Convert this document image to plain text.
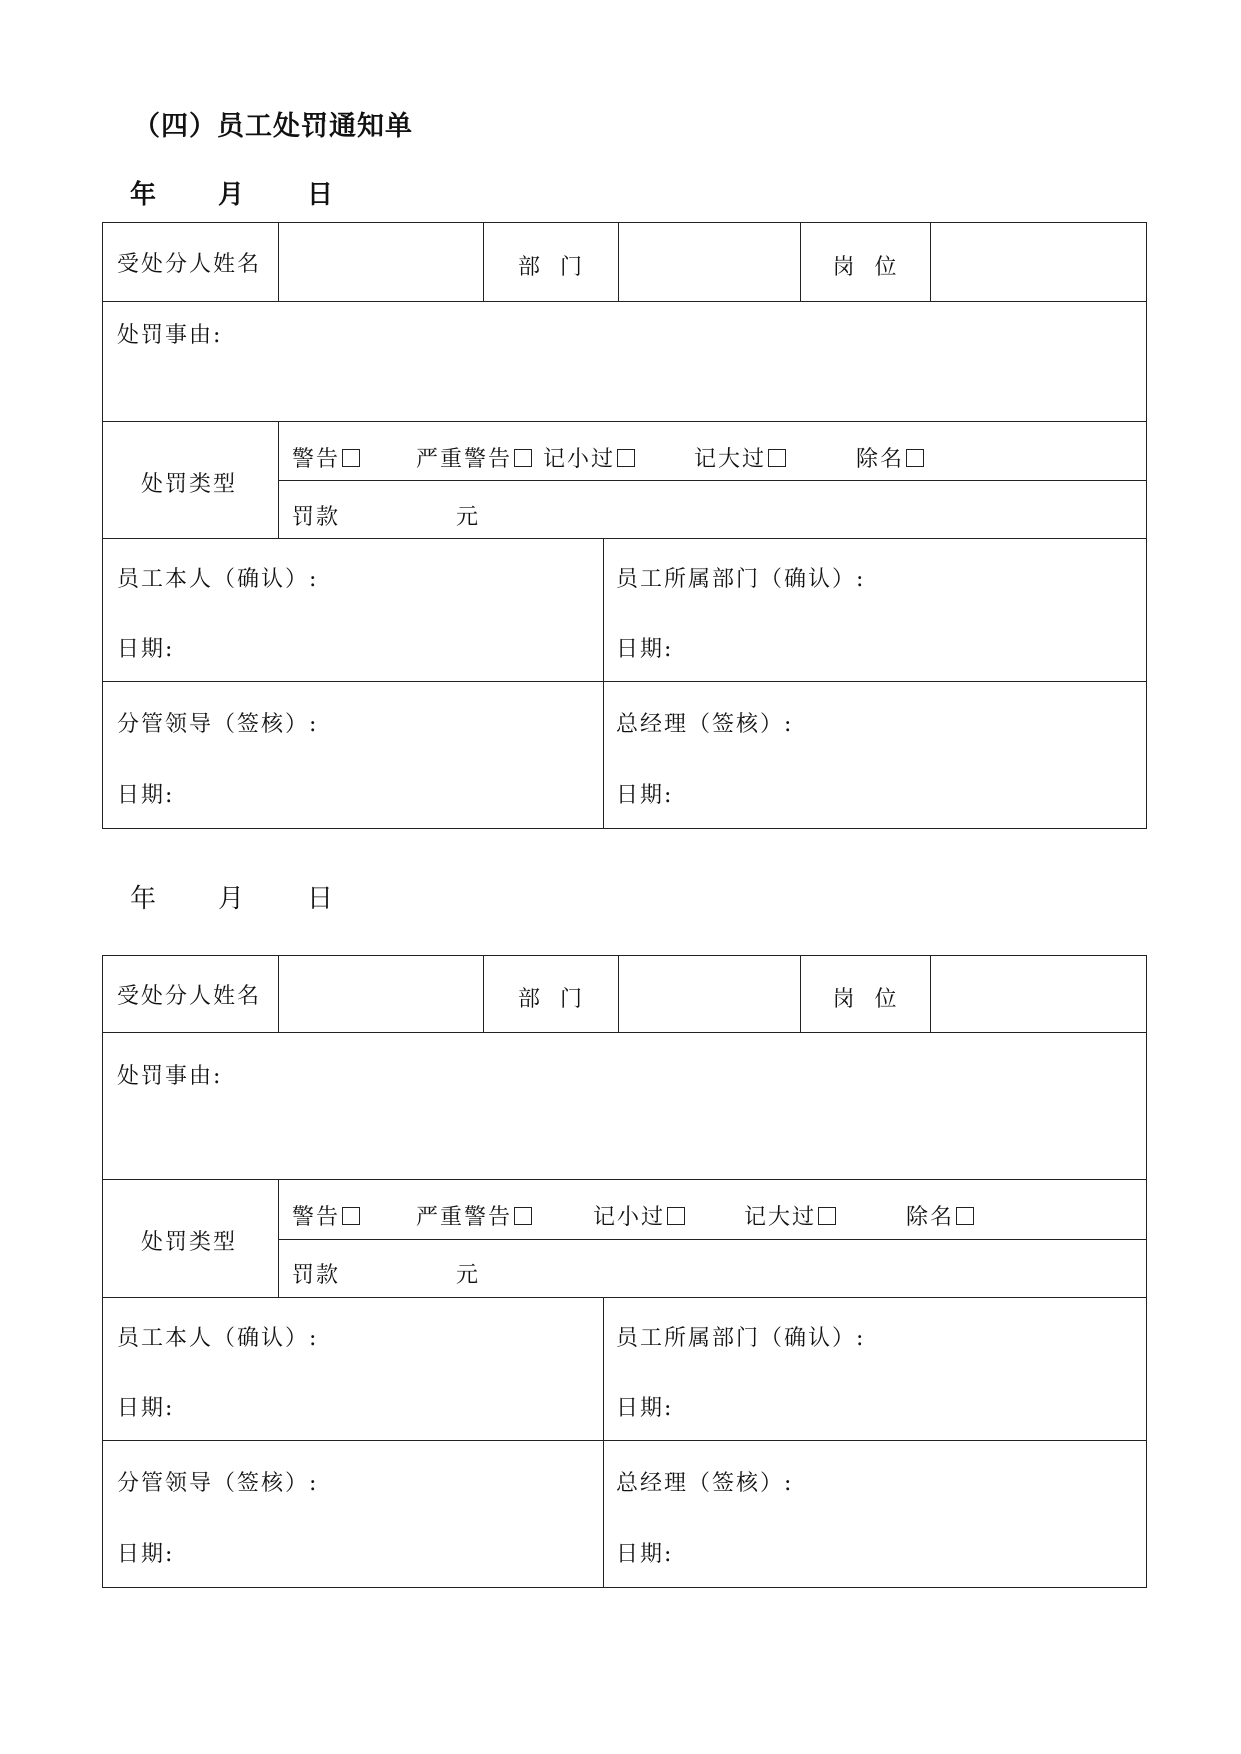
（四）员工处罚通知单
年 月 日
受处分人姓名	部  门	岗  位
处罚事由:
处罚类型
警告	严重警告	记小过	记大过	除名
罚款	元
员工本人（确认）:
日期:
员工所属部门（确认）:
日期:
分管领导（签核）:
日期:
总经理（签核）:
日期:
年 月 日
受处分人姓名	部  门	岗  位
处罚事由:
处罚类型
警告	严重警告	记小过	记大过	除名
罚款	元
员工本人（确认）:
日期:
员工所属部门（确认）:
日期:
分管领导（签核）:
日期:
总经理（签核）:
日期:
